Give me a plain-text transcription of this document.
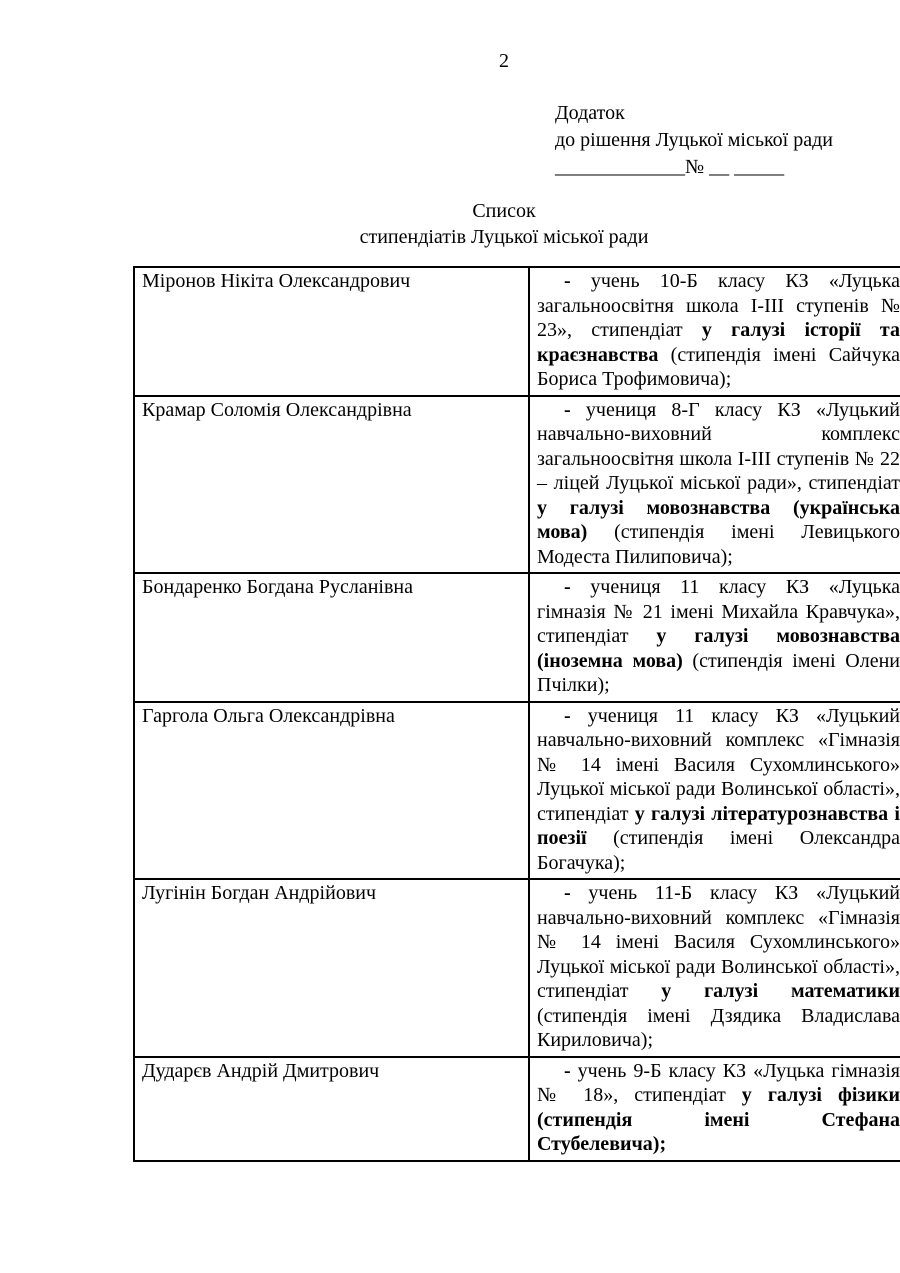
2
Додаток
до рішення Луцької міської ради
_____________№ __ _____
Список
стипендіатів Луцької міської ради
Міронов Нікіта Олександрович	- учень 10-Б класу КЗ «Луцька загальноосвітня школа І-ІІІ ступенів № 23», стипендіат у галузі історії та краєзнавства (стипендія імені Сайчука Бориса Трофимовича);

Крамар Соломія Олександрівна	- учениця 8-Г класу КЗ «Луцький навчально-виховний комплекс загальноосвітня школа І-ІІІ ступенів № 22 – ліцей Луцької міської ради», стипендіат у галузі мовознавства (українська мова) (стипендія імені Левицького Модеста Пилиповича);

Бондаренко Богдана Русланівна	- учениця 11 класу КЗ «Луцька гімназія № 21 імені Михайла Кравчука», стипендіат у галузі мовознавства (іноземна мова) (стипендія імені Олени Пчілки);

Гаргола Ольга Олександрівна	- учениця 11 класу КЗ «Луцький навчально-виховний комплекс «Гімназія № 14 імені Василя Сухомлинського» Луцької міської ради Волинської області», стипендіат у галузі літературознавства і поезії (стипендія імені Олександра Богачука);

Лугінін Богдан Андрійович	- учень 11-Б класу КЗ «Луцький навчально-виховний комплекс «Гімназія № 14 імені Василя Сухомлинського» Луцької міської ради Волинської області», стипендіат у галузі математики (стипендія імені Дзядика Владислава Кириловича);

Дударєв Андрій Дмитрович	- учень 9-Б класу КЗ «Луцька гімназія № 18», стипендіат у галузі фізики (стипендія імені Стефана Стубелевича);
